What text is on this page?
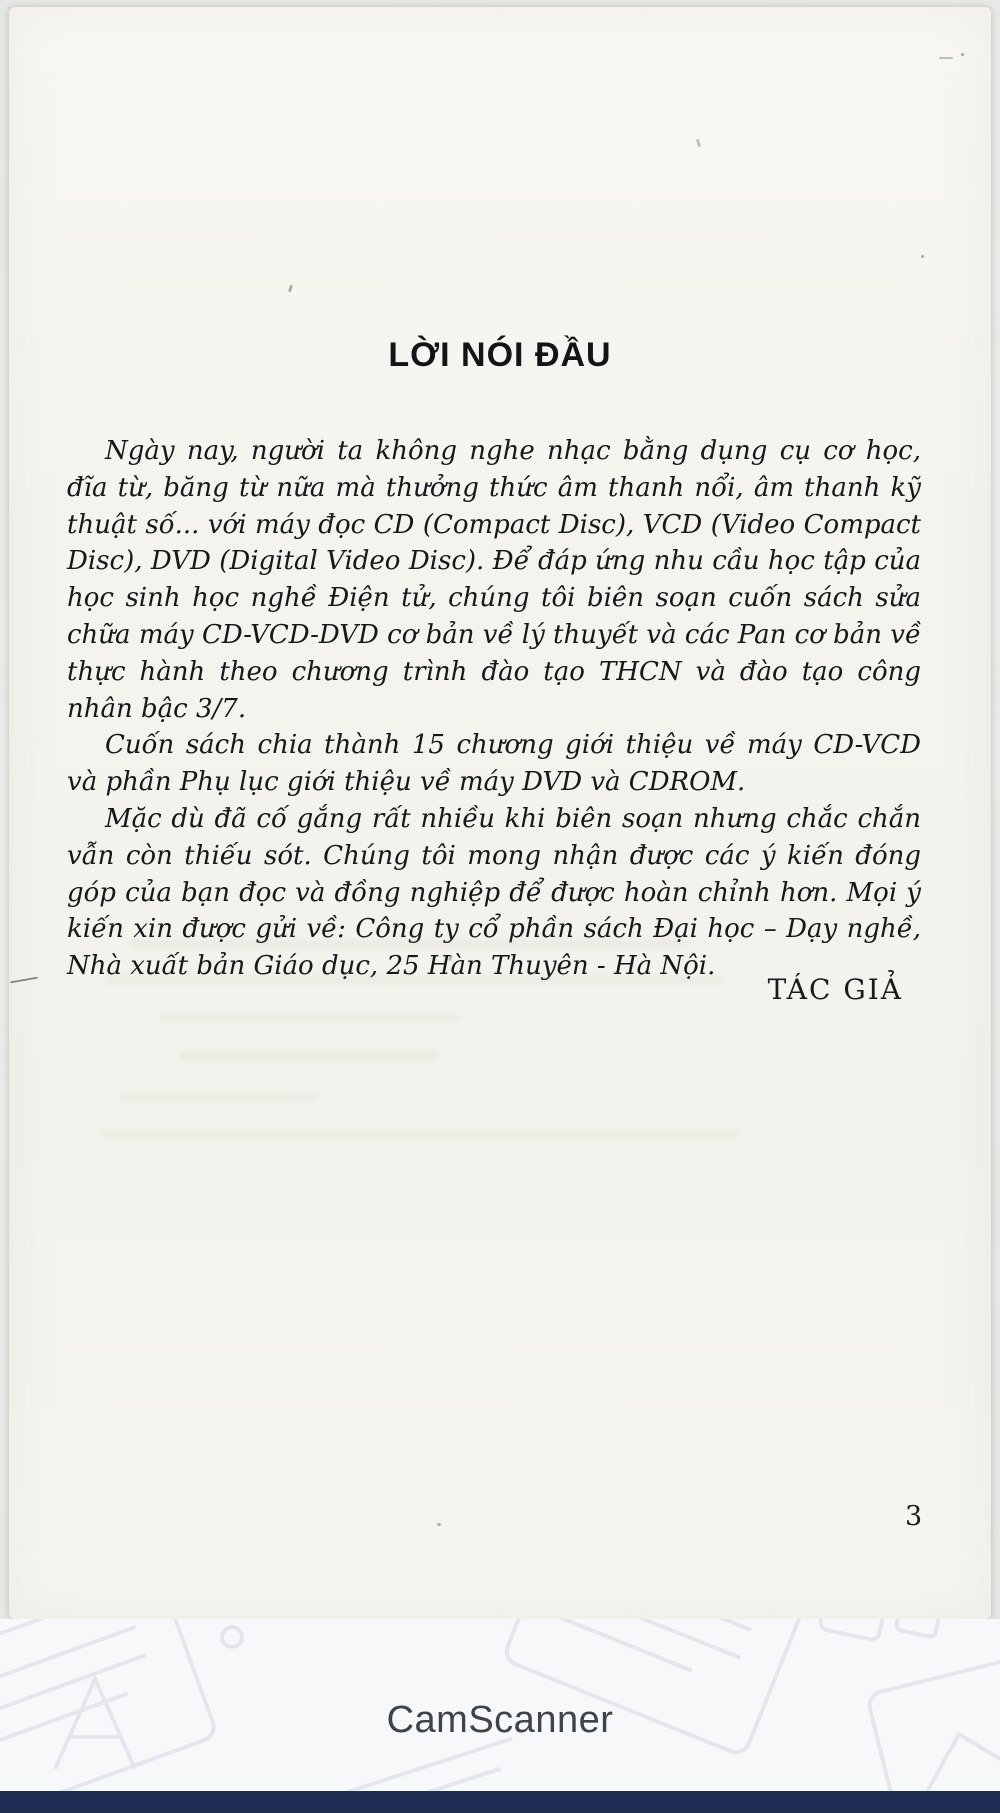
LỜI NÓI ĐẦU

Ngày nay, người ta không nghe nhạc bằng dụng cụ cơ học, đĩa từ, băng từ nữa mà thưởng thức âm thanh nổi, âm thanh kỹ thuật số... với máy đọc CD (Compact Disc), VCD (Video Compact Disc), DVD (Digital Video Disc). Để đáp ứng nhu cầu học tập của học sinh học nghề Điện tử, chúng tôi biên soạn cuốn sách sửa chữa máy CD-VCD-DVD cơ bản về lý thuyết và các Pan cơ bản về thực hành theo chương trình đào tạo THCN và đào tạo công nhân bậc 3/7.

Cuốn sách chia thành 15 chương giới thiệu về máy CD-VCD và phần Phụ lục giới thiệu về máy DVD và CDROM.

Mặc dù đã cố gắng rất nhiều khi biên soạn nhưng chắc chắn vẫn còn thiếu sót. Chúng tôi mong nhận được các ý kiến đóng góp của bạn đọc và đồng nghiệp để được hoàn chỉnh hơn. Mọi ý kiến xin được gửi về: Công ty cổ phần sách Đại học – Dạy nghề, Nhà xuất bản Giáo dục, 25 Hàn Thuyên - Hà Nội.

TÁC GIẢ
3
CamScanner
